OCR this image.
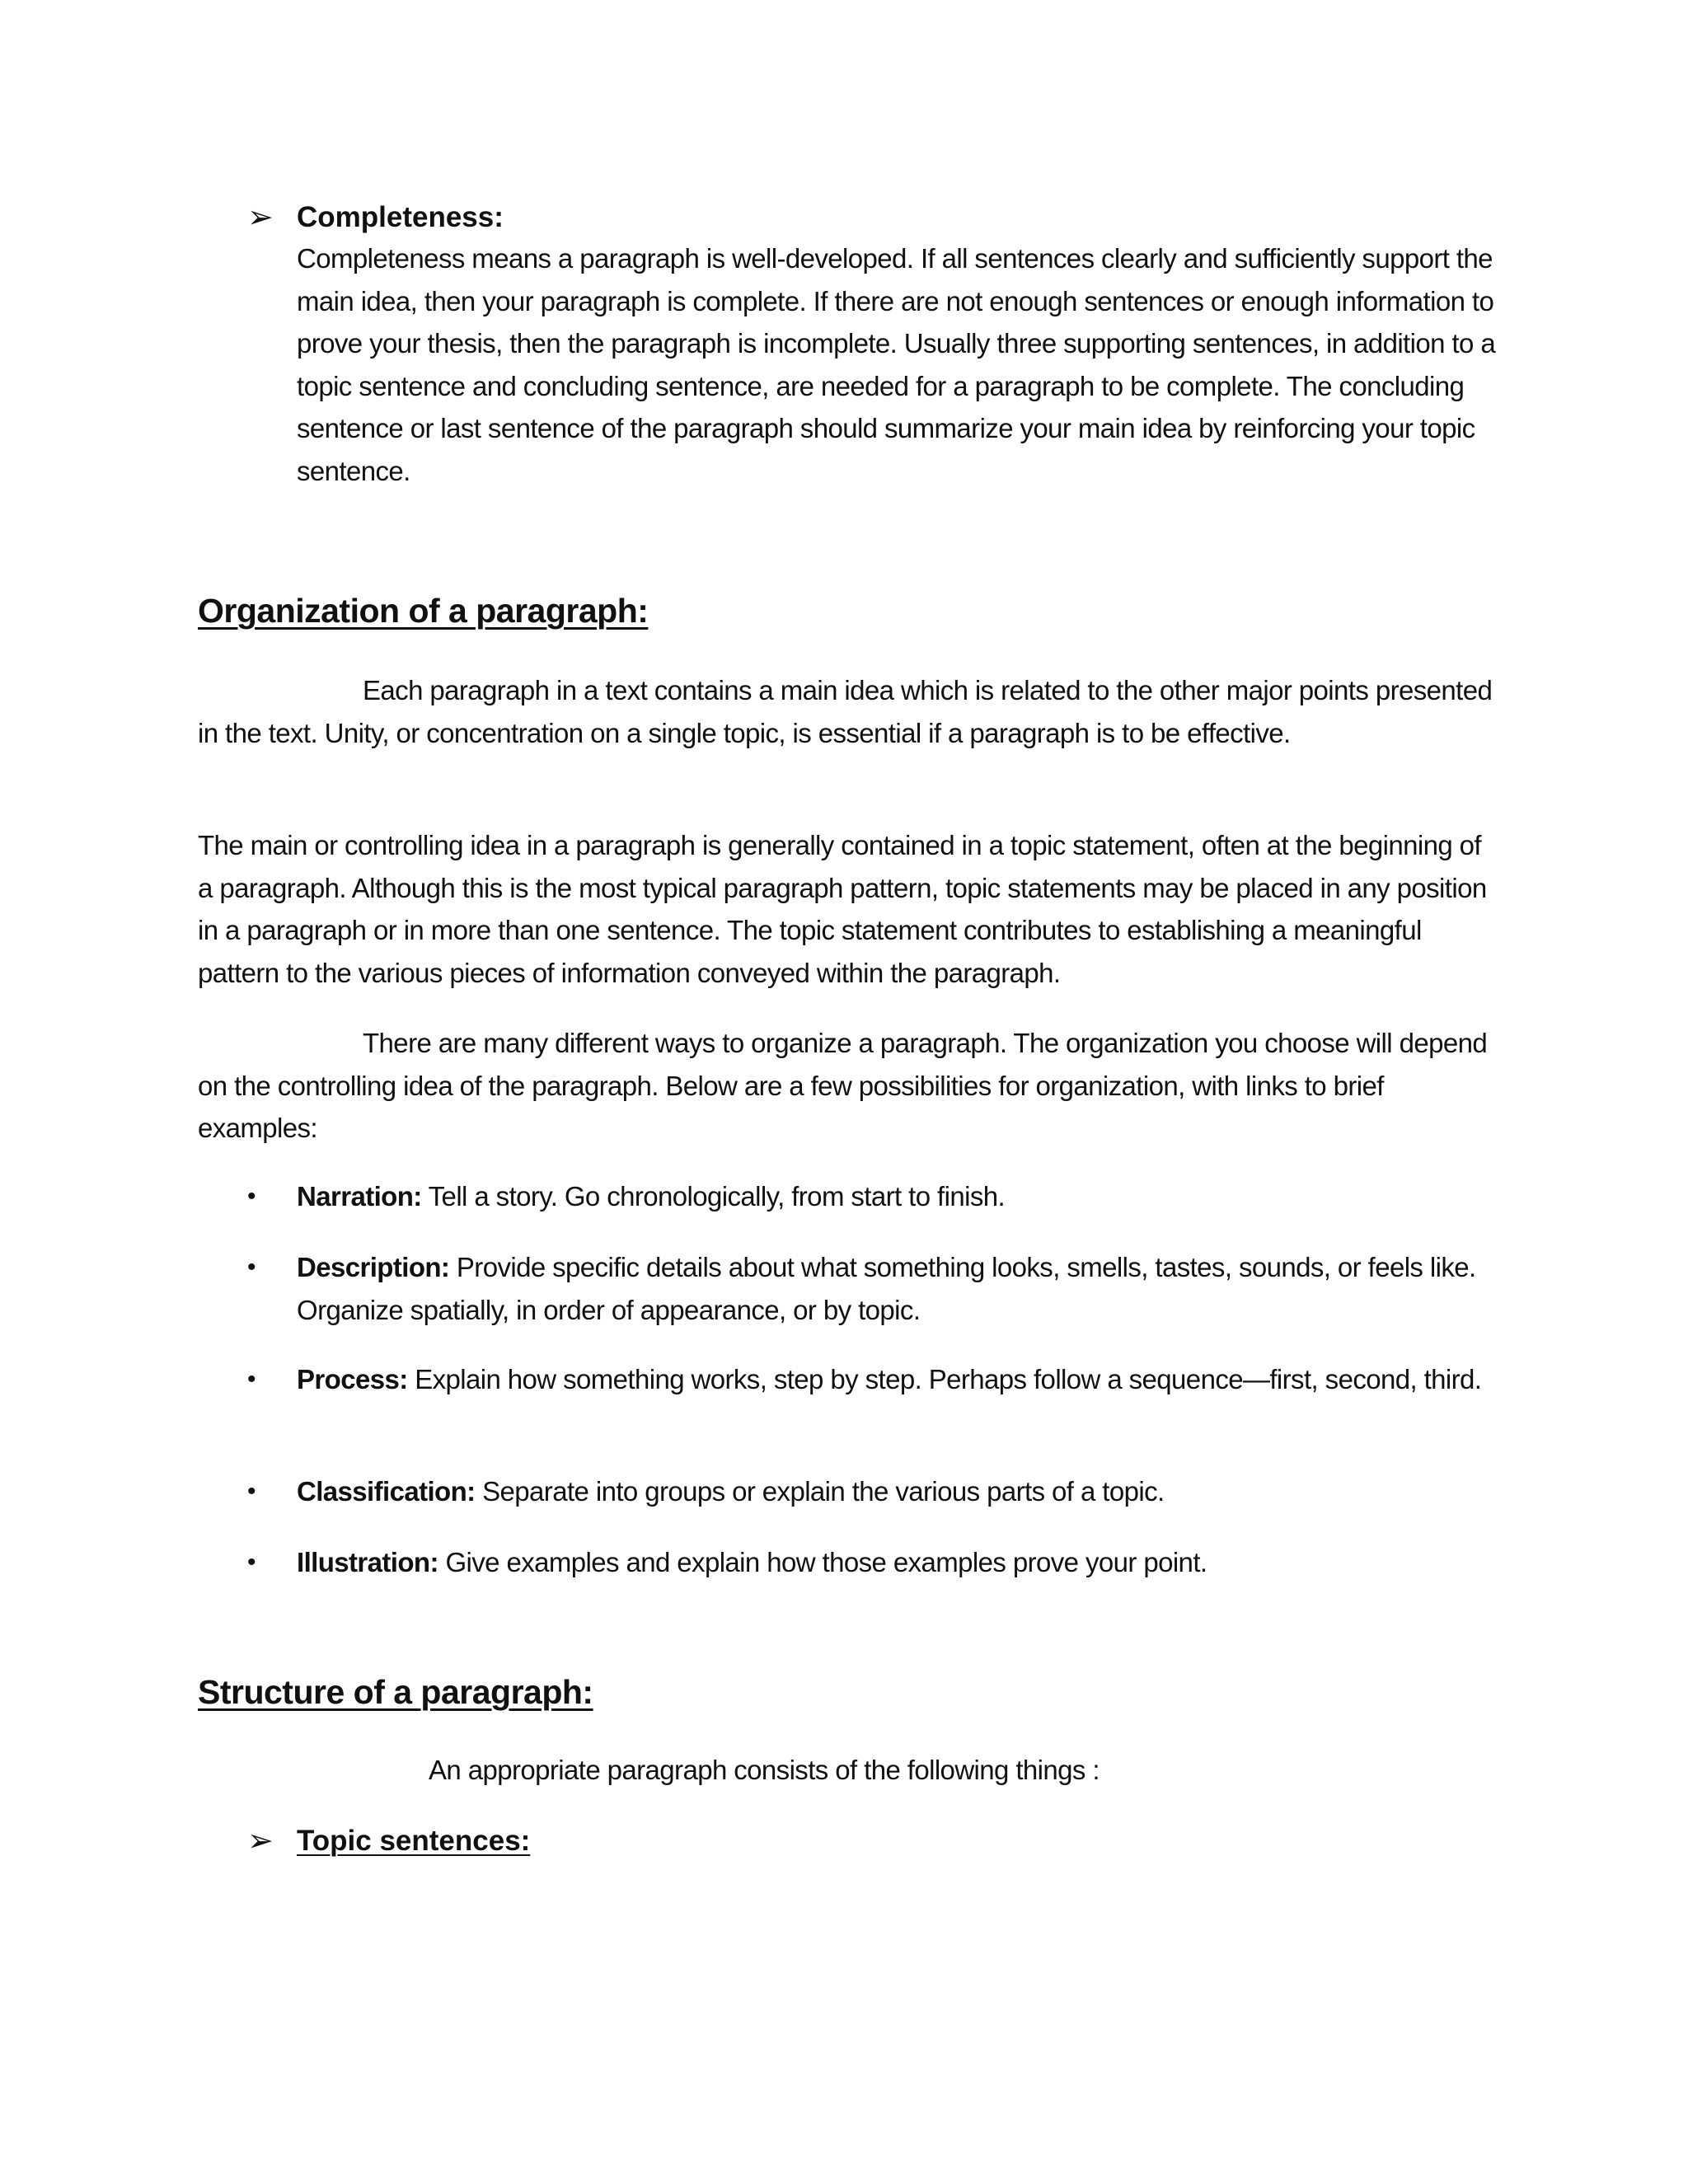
➢ Completeness:
Completeness means a paragraph is well-developed. If all sentences clearly and sufficiently support the main idea, then your paragraph is complete. If there are not enough sentences or enough information to prove your thesis, then the paragraph is incomplete. Usually three supporting sentences, in addition to a topic sentence and concluding sentence, are needed for a paragraph to be complete. The concluding sentence or last sentence of the paragraph should summarize your main idea by reinforcing your topic sentence.
Organization of a paragraph:

Each paragraph in a text contains a main idea which is related to the other major points presented in the text. Unity, or concentration on a single topic, is essential if a paragraph is to be effective.

The main or controlling idea in a paragraph is generally contained in a topic statement, often at the beginning of a paragraph. Although this is the most typical paragraph pattern, topic statements may be placed in any position in a paragraph or in more than one sentence. The topic statement contributes to establishing a meaningful pattern to the various pieces of information conveyed within the paragraph.

There are many different ways to organize a paragraph. The organization you choose will depend on the controlling idea of the paragraph. Below are a few possibilities for organization, with links to brief examples:

• Narration: Tell a story. Go chronologically, from start to finish.
• Description: Provide specific details about what something looks, smells, tastes, sounds, or feels like. Organize spatially, in order of appearance, or by topic.
• Process: Explain how something works, step by step. Perhaps follow a sequence—first, second, third.
• Classification: Separate into groups or explain the various parts of a topic.
• Illustration: Give examples and explain how those examples prove your point.
Structure of a paragraph:

An appropriate paragraph consists of the following things :

➢ Topic sentences:
